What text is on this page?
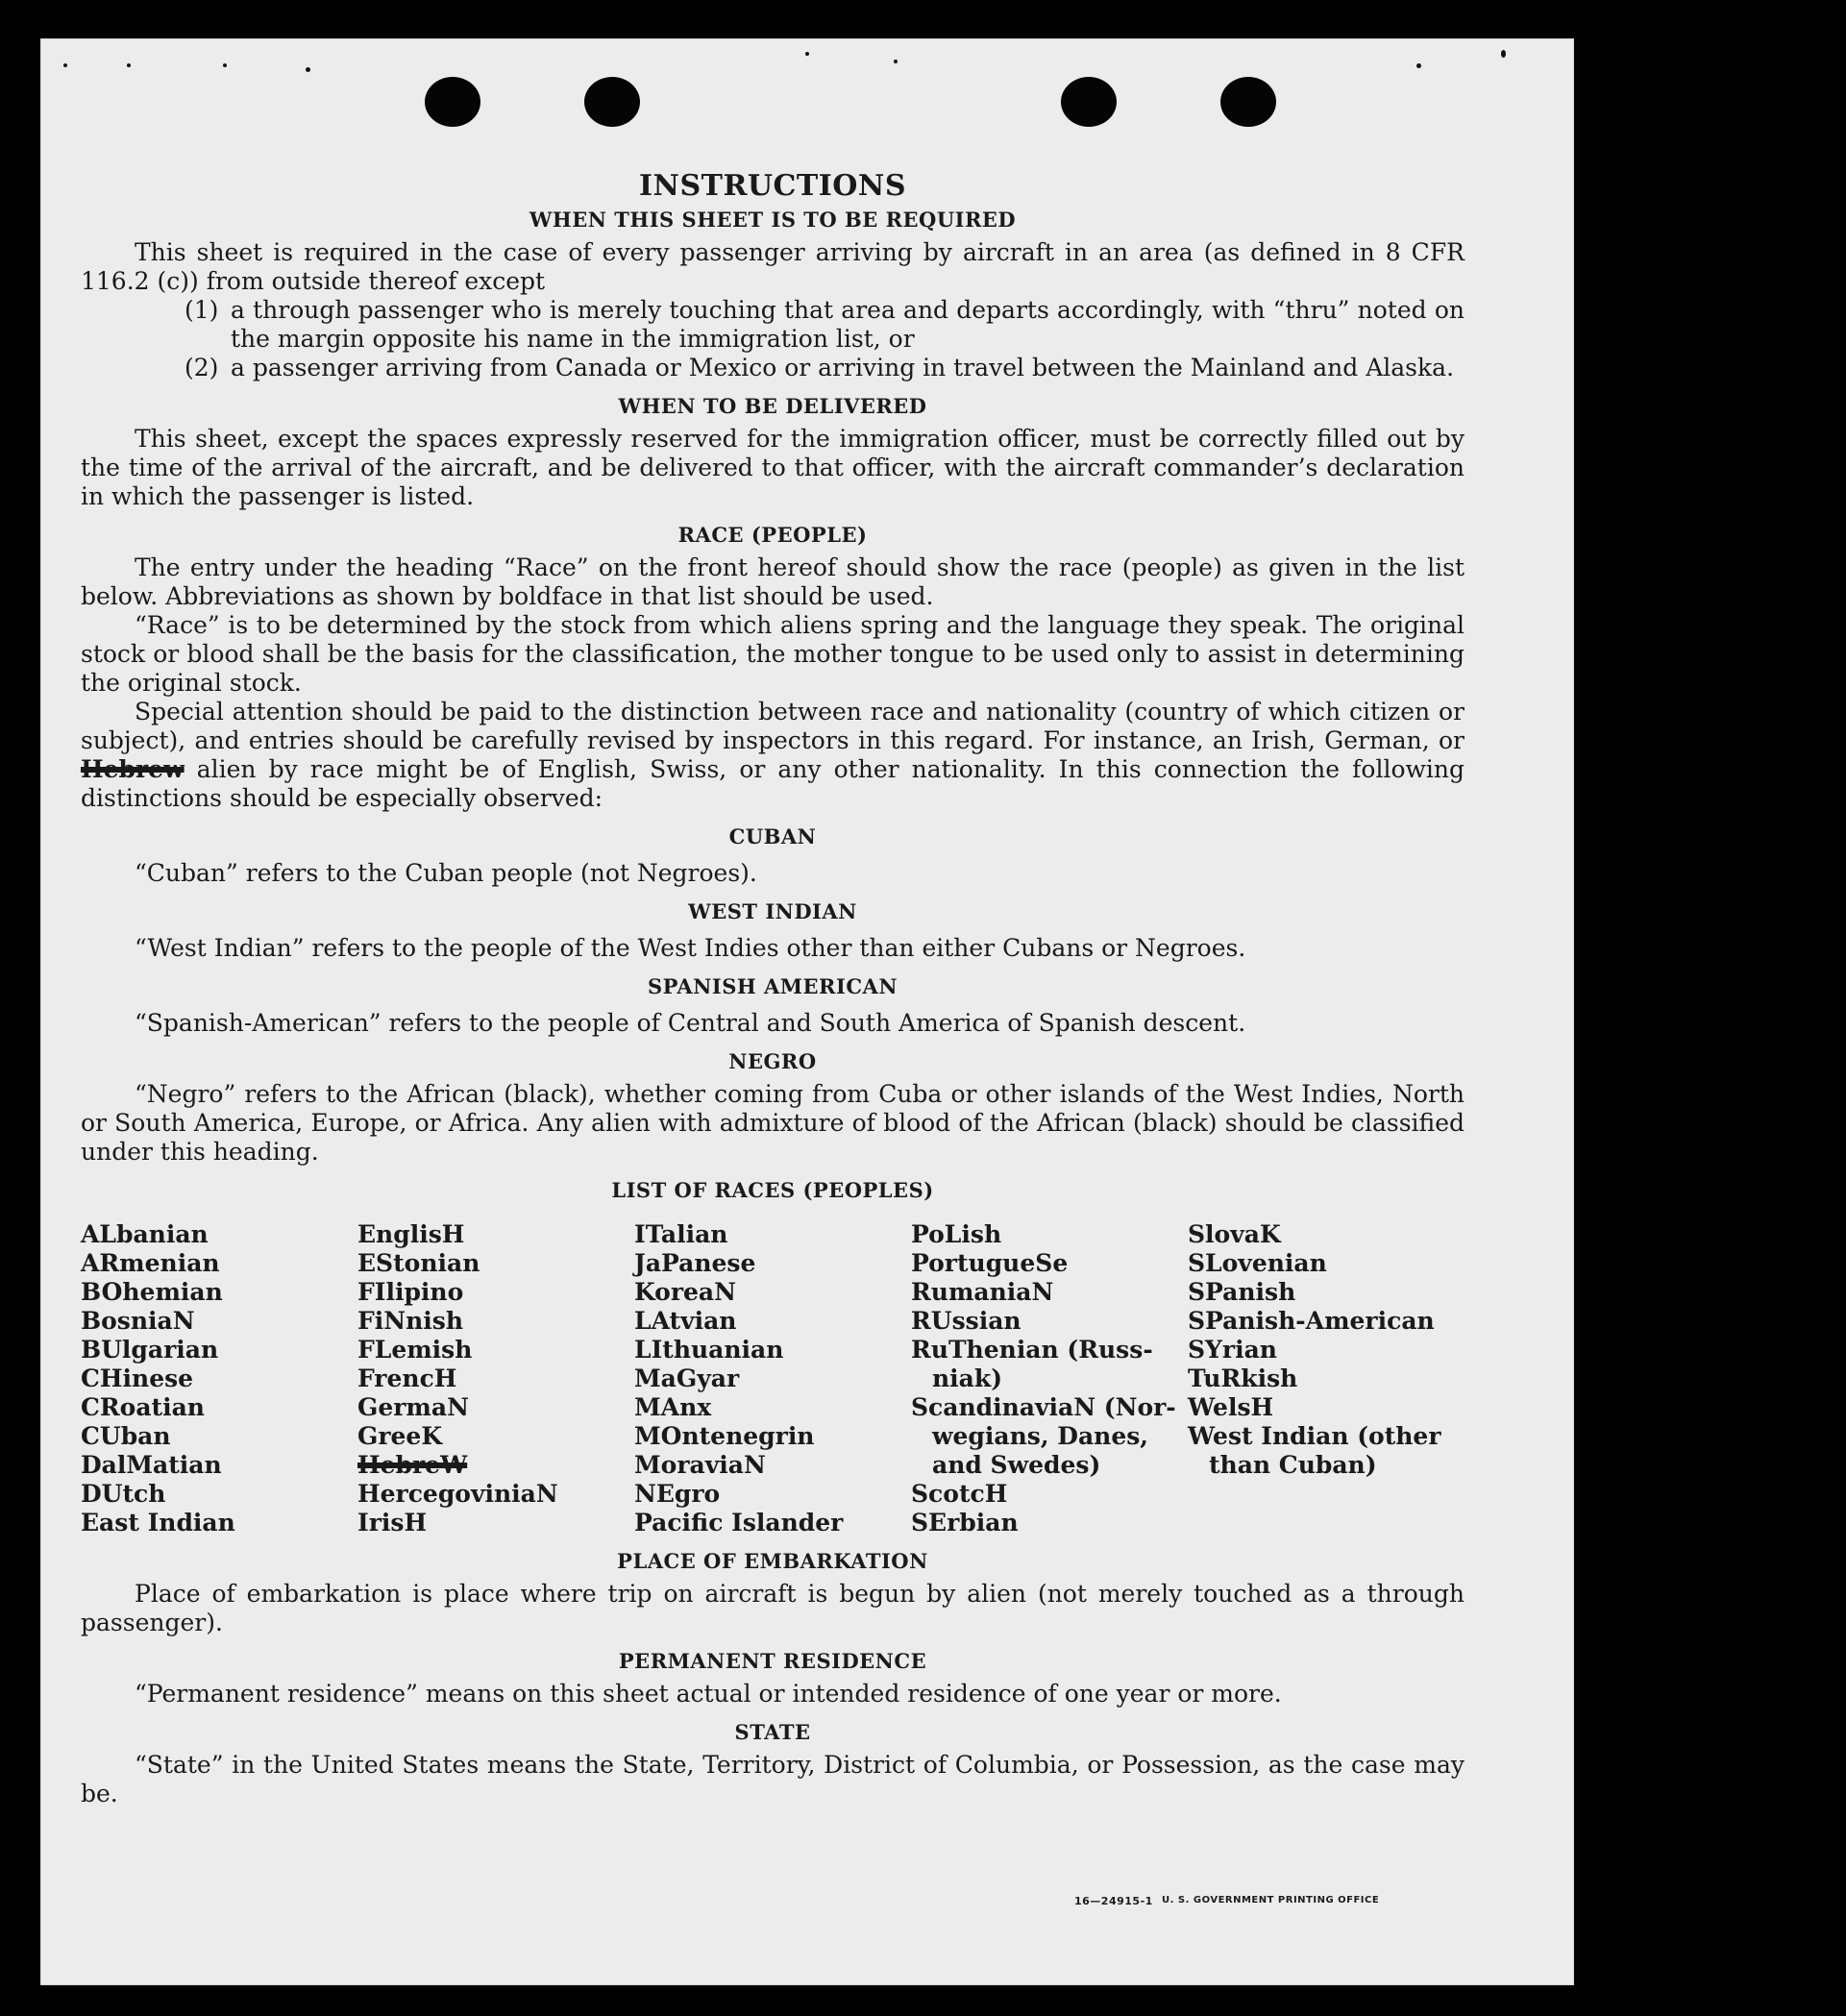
INSTRUCTIONS
WHEN THIS SHEET IS TO BE REQUIRED

This sheet is required in the case of every passenger arriving by aircraft in an area (as defined in 8 CFR 116.2 (c)) from outside thereof except

(1) a through passenger who is merely touching that area and departs accordingly, with “thru” noted on the margin opposite his name in the immigration list, or
(2) a passenger arriving from Canada or Mexico or arriving in travel between the Mainland and Alaska.
WHEN TO BE DELIVERED

This sheet, except the spaces expressly reserved for the immigration officer, must be correctly filled out by the time of the arrival of the aircraft, and be delivered to that officer, with the aircraft commander’s declaration in which the passenger is listed.

RACE (PEOPLE)

The entry under the heading “Race” on the front hereof should show the race (people) as given in the list below. Abbreviations as shown by boldface in that list should be used.

“Race” is to be determined by the stock from which aliens spring and the language they speak. The original stock or blood shall be the basis for the classification, the mother tongue to be used only to assist in determining the original stock.

Special attention should be paid to the distinction between race and nationality (country of which citizen or subject), and entries should be carefully revised by inspectors in this regard. For instance, an Irish, German, or Hebrew alien by race might be of English, Swiss, or any other nationality. In this connection the following distinctions should be especially observed:

CUBAN

“Cuban” refers to the Cuban people (not Negroes).

WEST INDIAN

“West Indian” refers to the people of the West Indies other than either Cubans or Negroes.

SPANISH AMERICAN

“Spanish-American” refers to the people of Central and South America of Spanish descent.

NEGRO

“Negro” refers to the African (black), whether coming from Cuba or other islands of the West Indies, North or South America, Europe, or Africa. Any alien with admixture of blood of the African (black) should be classified under this heading.

LIST OF RACES (PEOPLES)
ALbanian
ARmenian
BOhemian
BosniaN
BUlgarian
CHinese
CRoatian
CUban
DalMatian
DUtch
East Indian
EnglisH
EStonian
FIlipino
FiNnish
FLemish
FrencH
GermaN
GreeK
HebreW
HercegoviniaN
IrisH
ITalian
JaPanese
KoreaN
LAtvian
LIthuanian
MaGyar
MAnx
MOntenegrin
MoraviaN
NEgro
Pacific Islander
PoLish
PortugueSe
RumaniaN
RUssian
RuThenian (Russ-
niak)
ScandinaviaN (Nor-
wegians, Danes,
and Swedes)
ScotcH
SErbian
SlovaK
SLovenian
SPanish
SPanish-American
SYrian
TuRkish
WelsH
West Indian (other
than Cuban)
PLACE OF EMBARKATION

Place of embarkation is place where trip on aircraft is begun by alien (not merely touched as a through passenger).

PERMANENT RESIDENCE

“Permanent residence” means on this sheet actual or intended residence of one year or more.

STATE

“State” in the United States means the State, Territory, District of Columbia, or Possession, as the case may be.

16—24915-1 U. S. GOVERNMENT PRINTING OFFICE
